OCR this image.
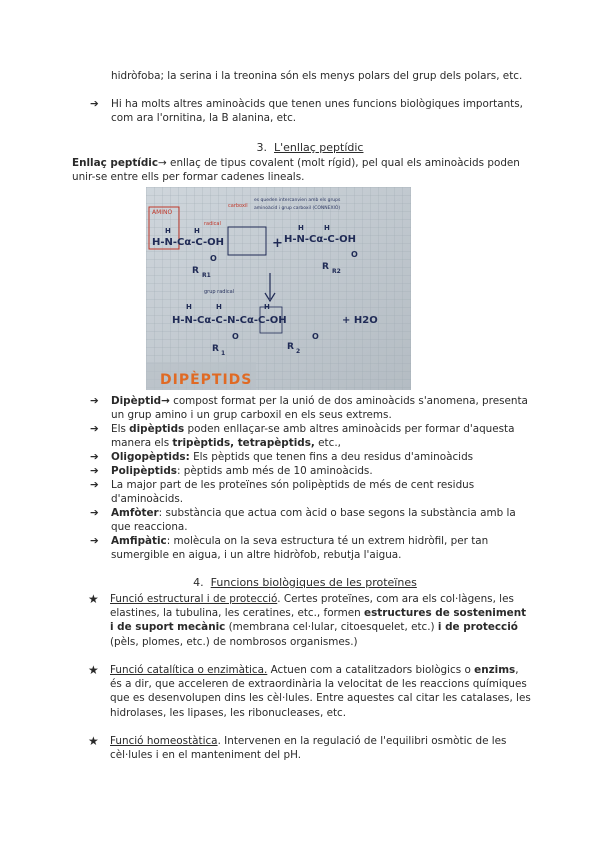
hidròfoba; la serina i la treonina són els menys polars del grup dels polars, etc.
➔	Hi ha molts altres aminoàcids que tenen unes funcions biològiques importants, com ara l'ornitina, la B alanina, etc.
3. L'enllaç peptídic
Enllaç peptídic→ enllaç de tipus covalent (molt rígid), pel qual els aminoàcids poden unir-se entre ells per formar cadenes lineals.
AMINO
carboxil
radical
es queden intercanvien amb els grups
aminoàcid i grup carboxil (CONNEXIÓ)
H-N-Cα-C-OH
H	H
O
R R1
+ H-N-Cα-C-OH
H	H
O
R R2
grup radical
H-N-Cα-C-N-Cα-C-OH
H	H	H
O	O
R 1
R 2
+ H2O
DIPÈPTIDS
➔	Dipèptid→ compost format per la unió de dos aminoàcids s'anomena, presenta un grup amino i un grup carboxil en els seus extrems.
➔	Els dipèptids poden enllaçar-se amb altres aminoàcids per formar d'aquesta manera els tripèptids, tetrapèptids, etc.,
➔	Oligopèptids: Els pèptids que tenen fins a deu residus d'aminoàcids
➔	Polipèptids: pèptids amb més de 10 aminoàcids.
➔	La major part de les proteïnes són polipèptids de més de cent residus d'aminoàcids.
➔	Amfòter: substància que actua com àcid o base segons la substància amb la que reacciona.
➔	Amfipàtic: molècula on la seva estructura té un extrem hidròfil, per tan sumergible en aigua, i un altre hidròfob, rebutja l'aigua.
4. Funcions biològiques de les proteïnes
★ Funció estructural i de protecció. Certes proteïnes, com ara els col·làgens, les elastines, la tubulina, les ceratines, etc., formen estructures de sosteniment i de suport mecànic (membrana cel·lular, citoesquelet, etc.) i de protecció (pèls, plomes, etc.) de nombrosos organismes.)
★ Funció catalítica o enzimàtica. Actuen com a catalitzadors biològics o enzims, és a dir, que acceleren de extraordinària la velocitat de les reaccions químiques que es desenvolupen dins les cèl·lules. Entre aquestes cal citar les catalases, les hidrolases, les lipases, les ribonucleases, etc.
★ Funció homeostàtica. Intervenen en la regulació de l'equilibri osmòtic de les cèl·lules i en el manteniment del pH.
